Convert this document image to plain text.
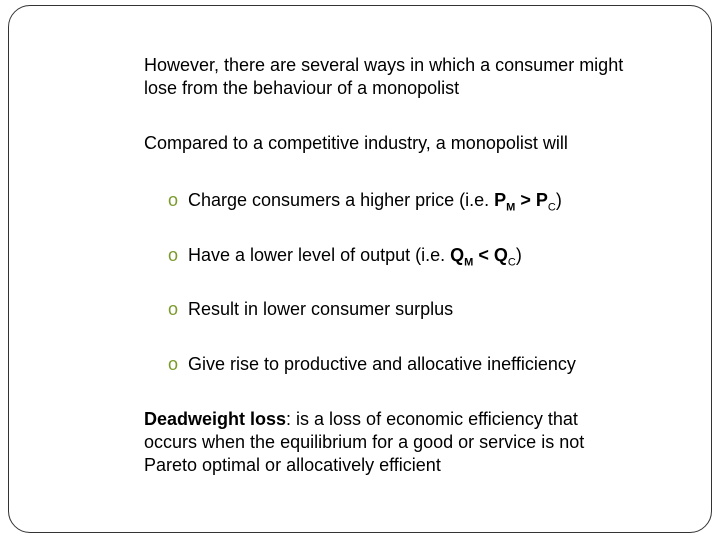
However, there are several ways in which a consumer might
lose from the behaviour of a monopolist
Compared to a competitive industry, a monopolist will
o Charge consumers a higher price (i.e. $P_M > P_C$)
o Have a lower level of output (i.e. $Q_M < Q_C$)
o Result in lower consumer surplus
o Give rise to productive and allocative inefficiency
Deadweight loss: is a loss of economic efficiency that
occurs when the equilibrium for a good or service is not
Pareto optimal or allocatively efficient
